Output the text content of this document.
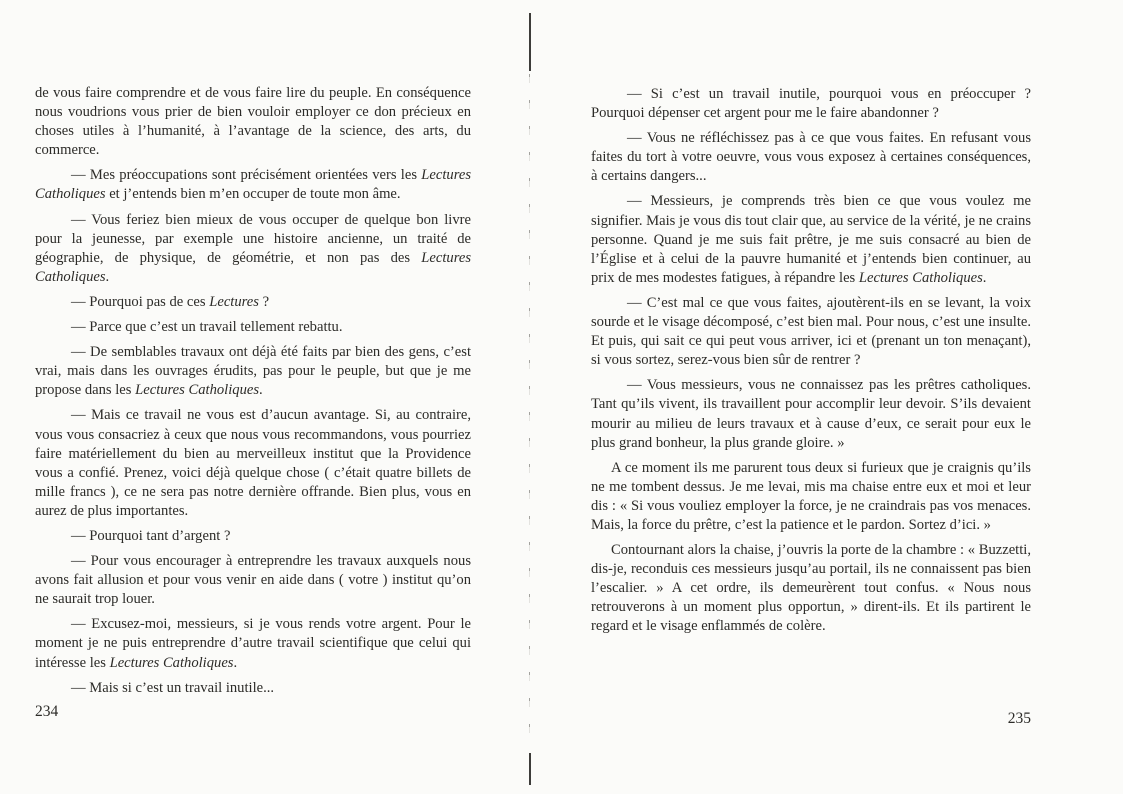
de vous faire comprendre et de vous faire lire du peuple. En conséquence nous voudrions vous prier de bien vouloir employer ce don précieux en choses utiles à l’humanité, à l’avantage de la science, des arts, du commerce.

— Mes préoccupations sont précisément orientées vers les Lectures Catholiques et j’entends bien m’en occuper de toute mon âme.

— Vous feriez bien mieux de vous occuper de quelque bon livre pour la jeunesse, par exemple une histoire ancienne, un traité de géographie, de physique, de géométrie, et non pas des Lectures Catholiques.

— Pourquoi pas de ces Lectures ?

— Parce que c’est un travail tellement rebattu.

— De semblables travaux ont déjà été faits par bien des gens, c’est vrai, mais dans les ouvrages érudits, pas pour le peuple, but que je me propose dans les Lectures Catholiques.

— Mais ce travail ne vous est d’aucun avantage. Si, au contraire, vous vous consacriez à ceux que nous vous recommandons, vous pourriez faire matériellement du bien au merveilleux institut que la Providence vous a confié. Prenez, voici déjà quelque chose ( c’était quatre billets de mille francs ), ce ne sera pas notre dernière offrande. Bien plus, vous en aurez de plus importantes.

— Pourquoi tant d’argent ?

— Pour vous encourager à entreprendre les travaux auxquels nous avons fait allusion et pour vous venir en aide dans ( votre ) institut qu’on ne saurait trop louer.

— Excusez-moi, messieurs, si je vous rends votre argent. Pour le moment je ne puis entreprendre d’autre travail scientifique que celui qui intéresse les Lectures Catholiques.

— Mais si c’est un travail inutile...

234

— Si c’est un travail inutile, pourquoi vous en préoccuper ? Pourquoi dépenser cet argent pour me le faire abandonner ?

— Vous ne réfléchissez pas à ce que vous faites. En refusant vous faites du tort à votre oeuvre, vous vous exposez à certaines conséquences, à certains dangers...

— Messieurs, je comprends très bien ce que vous voulez me signifier. Mais je vous dis tout clair que, au service de la vérité, je ne crains personne. Quand je me suis fait prêtre, je me suis consacré au bien de l’Église et à celui de la pauvre humanité et j’entends bien continuer, au prix de mes modestes fatigues, à répandre les Lectures Catholiques.

— C’est mal ce que vous faites, ajoutèrent-ils en se levant, la voix sourde et le visage décomposé, c’est bien mal. Pour nous, c’est une insulte. Et puis, qui sait ce qui peut vous arriver, ici et (prenant un ton menaçant), si vous sortez, serez-vous bien sûr de rentrer ?

— Vous messieurs, vous ne connaissez pas les prêtres catholiques. Tant qu’ils vivent, ils travaillent pour accomplir leur devoir. S’ils devaient mourir au milieu de leurs travaux et à cause d’eux, ce serait pour eux le plus grand bonheur, la plus grande gloire. »

A ce moment ils me parurent tous deux si furieux que je craignis qu’ils ne me tombent dessus. Je me levai, mis ma chaise entre eux et moi et leur dis : « Si vous vouliez employer la force, je ne craindrais pas vos menaces. Mais, la force du prêtre, c’est la patience et le pardon. Sortez d’ici. »

Contournant alors la chaise, j’ouvris la porte de la chambre : « Buzzetti, dis-je, reconduis ces messieurs jusqu’au portail, ils ne connaissent pas bien l’escalier. » A cet ordre, ils demeurèrent tout confus. « Nous nous retrouverons à un moment plus opportun, » dirent-ils. Et ils partirent le regard et le visage enflammés de colère.

235
